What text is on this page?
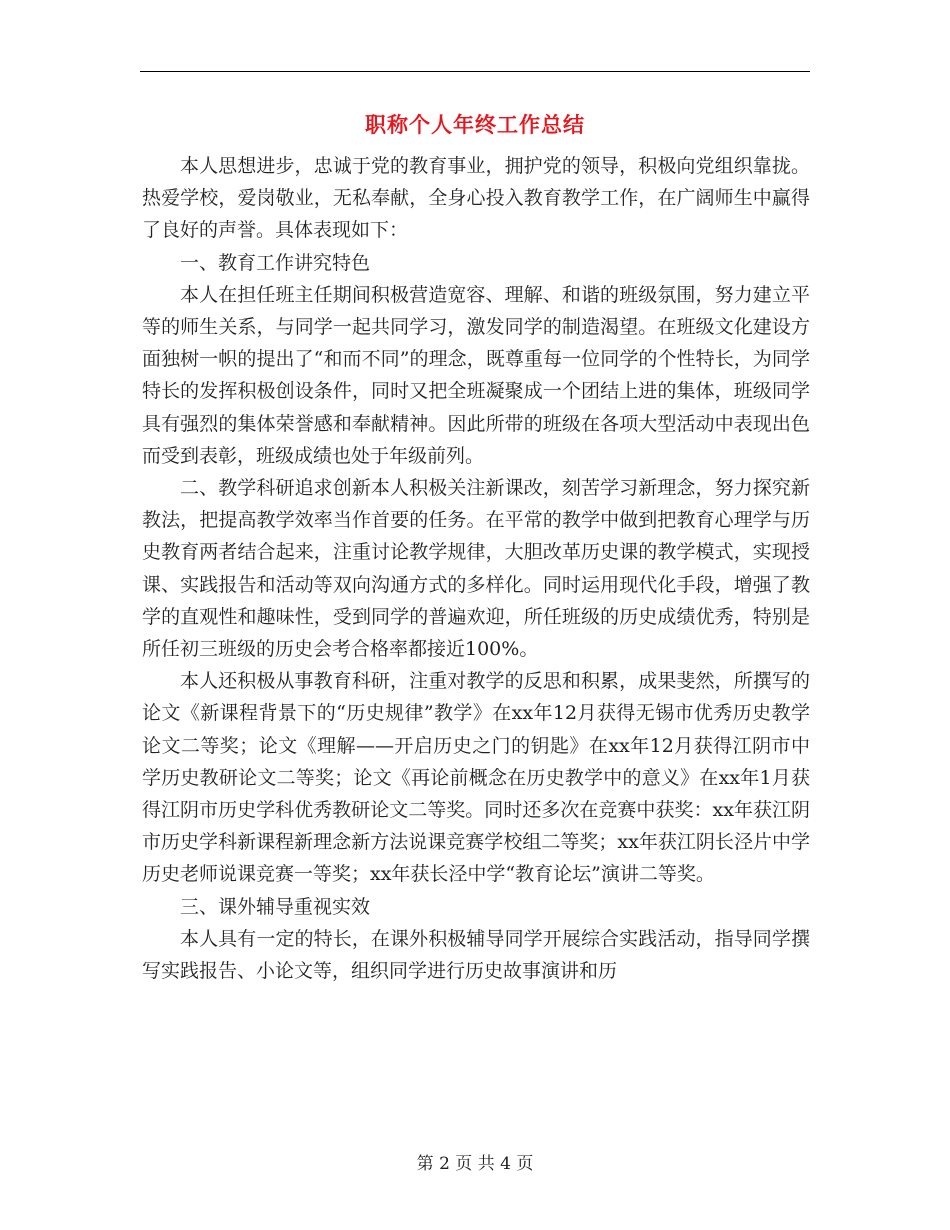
职称个人年终工作总结

本人思想进步，忠诚于党的教育事业，拥护党的领导，积极向党组织靠拢。热爱学校，爱岗敬业，无私奉献，全身心投入教育教学工作，在广阔师生中赢得了良好的声誉。具体表现如下：

一、教育工作讲究特色

本人在担任班主任期间积极营造宽容、理解、和谐的班级氛围，努力建立平等的师生关系，与同学一起共同学习，激发同学的制造渴望。在班级文化建设方面独树一帜的提出了“和而不同”的理念，既尊重每一位同学的个性特长，为同学特长的发挥积极创设条件，同时又把全班凝聚成一个团结上进的集体，班级同学具有强烈的集体荣誉感和奉献精神。因此所带的班级在各项大型活动中表现出色而受到表彰，班级成绩也处于年级前列。

二、教学科研追求创新本人积极关注新课改，刻苦学习新理念，努力探究新教法，把提高教学效率当作首要的任务。在平常的教学中做到把教育心理学与历史教育两者结合起来，注重讨论教学规律，大胆改革历史课的教学模式，实现授课、实践报告和活动等双向沟通方式的多样化。同时运用现代化手段，增强了教学的直观性和趣味性，受到同学的普遍欢迎，所任班级的历史成绩优秀，特别是所任初三班级的历史会考合格率都接近100%。

本人还积极从事教育科研，注重对教学的反思和积累，成果斐然，所撰写的论文《新课程背景下的“历史规律”教学》在xx年12月获得无锡市优秀历史教学论文二等奖；论文《理解——开启历史之门的钥匙》在xx年12月获得江阴市中学历史教研论文二等奖；论文《再论前概念在历史教学中的意义》在xx年1月获得江阴市历史学科优秀教研论文二等奖。同时还多次在竞赛中获奖：xx年获江阴市历史学科新课程新理念新方法说课竞赛学校组二等奖；xx年获江阴长泾片中学历史老师说课竞赛一等奖；xx年获长泾中学“教育论坛”演讲二等奖。

三、课外辅导重视实效

本人具有一定的特长，在课外积极辅导同学开展综合实践活动，指导同学撰写实践报告、小论文等，组织同学进行历史故事演讲和历

第 2 页 共 4 页
